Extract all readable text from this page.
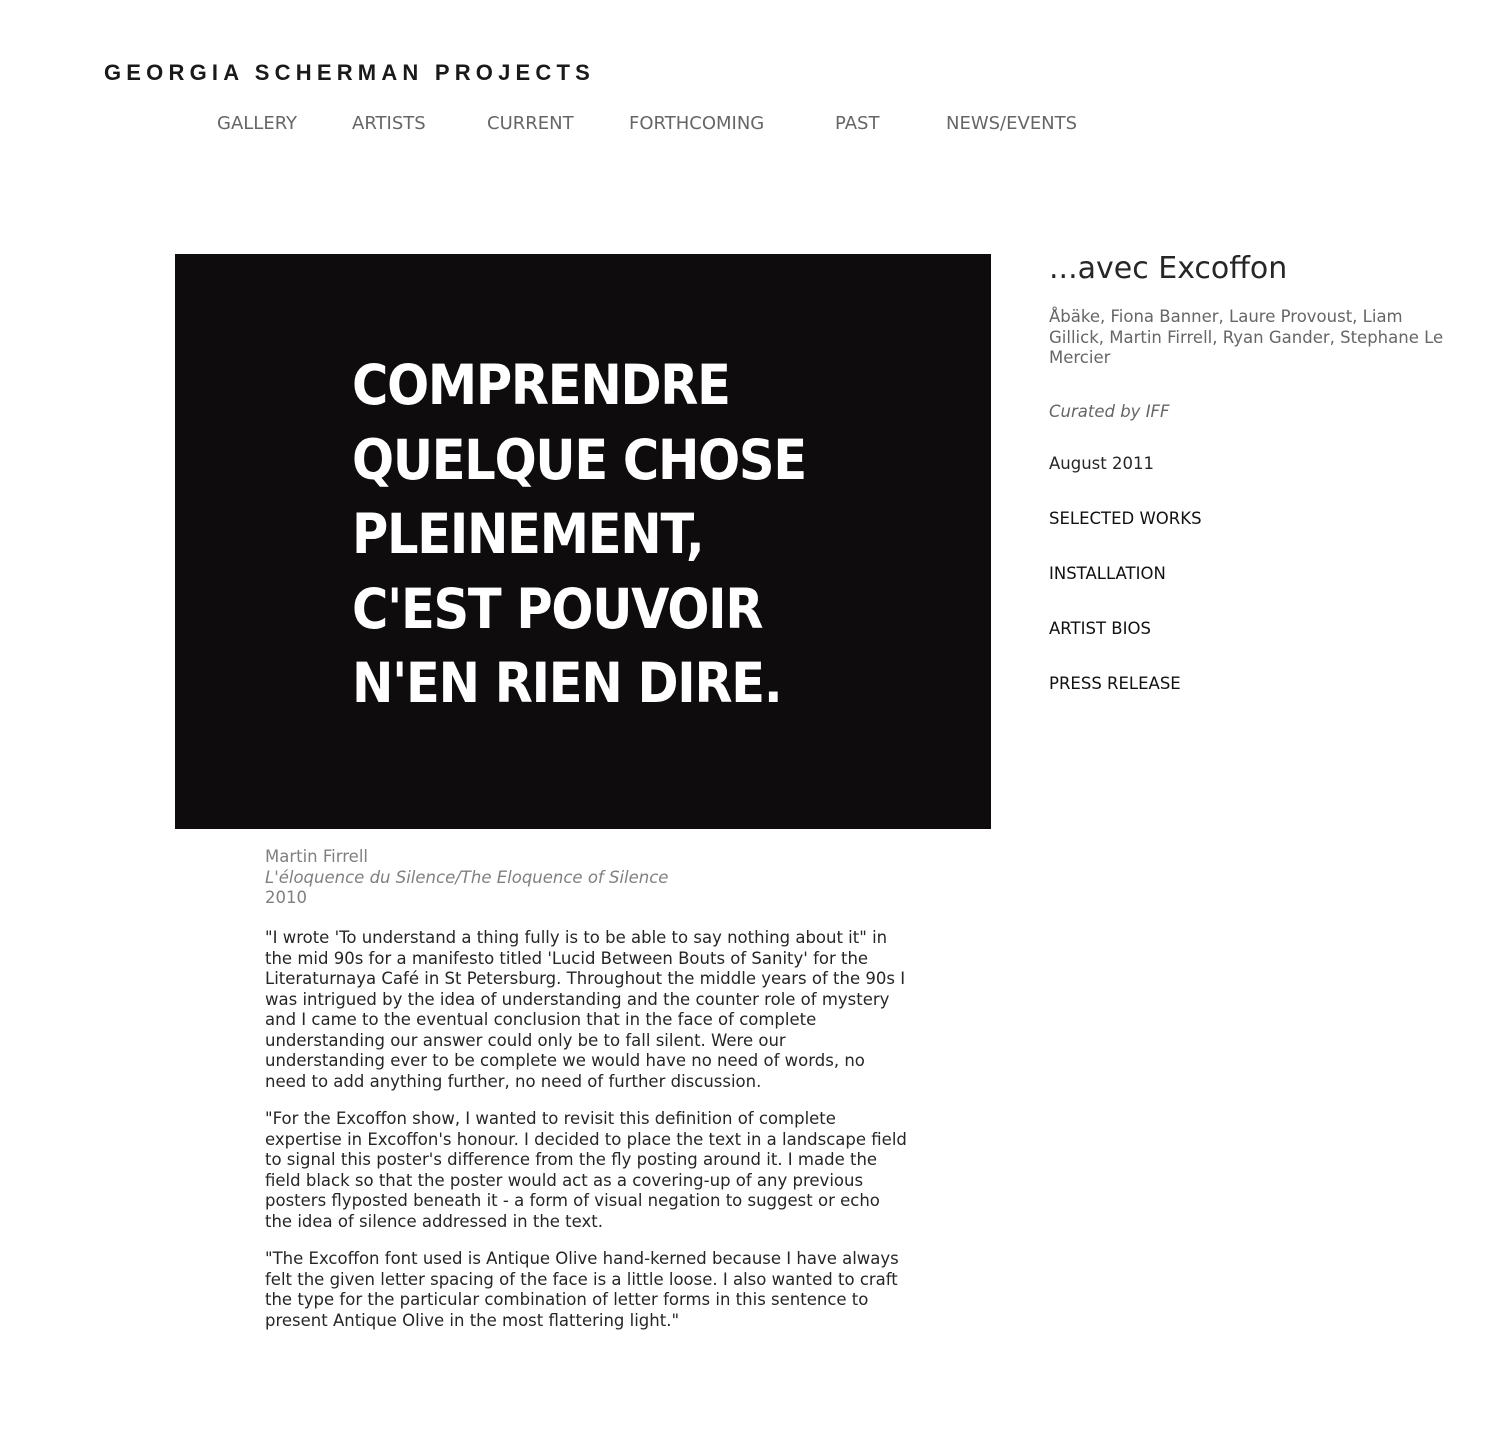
GEORGIA SCHERMAN PROJECTS
GALLERY	ARTISTS	CURRENT	FORTHCOMING	PAST	NEWS/EVENTS

COMPRENDRE
QUELQUE CHOSE
PLEINEMENT,
C'EST POUVOIR
N'EN RIEN DIRE.

Martin Firrell
L'éloquence du Silence/The Eloquence of Silence
2010

"I wrote 'To understand a thing fully is to be able to say nothing about it" in the mid 90s for a manifesto titled 'Lucid Between Bouts of Sanity' for the Literaturnaya Café in St Petersburg. Throughout the middle years of the 90s I was intrigued by the idea of understanding and the counter role of mystery and I came to the eventual conclusion that in the face of complete understanding our answer could only be to fall silent. Were our understanding ever to be complete we would have no need of words, no need to add anything further, no need of further discussion.

"For the Excoffon show, I wanted to revisit this definition of complete expertise in Excoffon's honour. I decided to place the text in a landscape field to signal this poster's difference from the fly posting around it. I made the field black so that the poster would act as a covering-up of any previous posters flyposted beneath it - a form of visual negation to suggest or echo the idea of silence addressed in the text.

"The Excoffon font used is Antique Olive hand-kerned because I have always felt the given letter spacing of the face is a little loose. I also wanted to craft the type for the particular combination of letter forms in this sentence to present Antique Olive in the most flattering light."

...avec Excoffon
Åbäke, Fiona Banner, Laure Provoust, Liam Gillick, Martin Firrell, Ryan Gander, Stephane Le Mercier
Curated by IFF
August 2011
SELECTED WORKS
INSTALLATION
ARTIST BIOS
PRESS RELEASE
